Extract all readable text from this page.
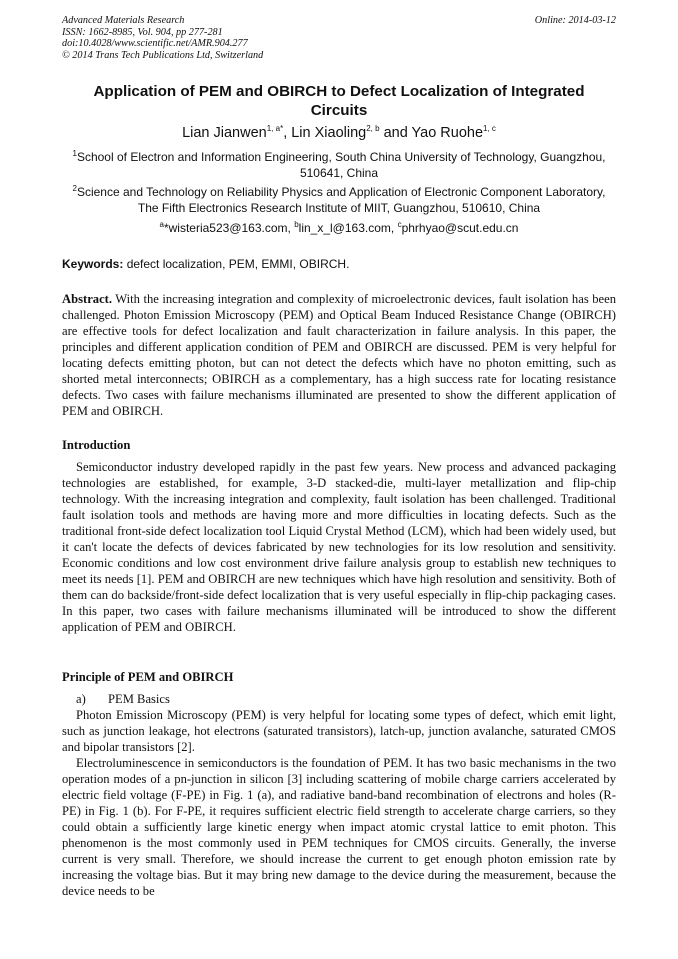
Advanced Materials Research
ISSN: 1662-8985, Vol. 904, pp 277-281
doi:10.4028/www.scientific.net/AMR.904.277
© 2014 Trans Tech Publications Ltd, Switzerland
Online: 2014-03-12
Application of PEM and OBIRCH to Defect Localization of Integrated Circuits
Lian Jianwen$^{1, a*}$, Lin Xiaoling$^{2, b}$ and Yao Ruohe$^{1, c}$
$^1$School of Electron and Information Engineering, South China University of Technology, Guangzhou, 510641, China
$^2$Science and Technology on Reliability Physics and Application of Electronic Component Laboratory, The Fifth Electronics Research Institute of MIIT, Guangzhou, 510610, China
$^a$*wisteria523@163.com, $^b$lin_x_l@163.com, $^c$phrhyao@scut.edu.cn
Keywords: defect localization, PEM, EMMI, OBIRCH.

Abstract. With the increasing integration and complexity of microelectronic devices, fault isolation has been challenged. Photon Emission Microscopy (PEM) and Optical Beam Induced Resistance Change (OBIRCH) are effective tools for defect localization and fault characterization in failure analysis. In this paper, the principles and different application condition of PEM and OBIRCH are discussed. PEM is very helpful for locating defects emitting photon, but can not detect the defects which have no photon emitting, such as shorted metal interconnects; OBIRCH as a complementary, has a high success rate for locating resistance defects. Two cases with failure mechanisms illuminated are presented to show the different application of PEM and OBIRCH.

Introduction

Semiconductor industry developed rapidly in the past few years. New process and advanced packaging technologies are established, for example, 3-D stacked-die, multi-layer metallization and flip-chip technology. With the increasing integration and complexity, fault isolation has been challenged. Traditional fault isolation tools and methods are having more and more difficulties in locating defects. Such as the traditional front-side defect localization tool Liquid Crystal Method (LCM), which had been widely used, but it can't locate the defects of devices fabricated by new technologies for its low resolution and sensitivity. Economic conditions and low cost environment drive failure analysis group to establish new techniques to meet its needs [1]. PEM and OBIRCH are new techniques which have high resolution and sensitivity. Both of them can do backside/front-side defect localization that is very useful especially in flip-chip packaging cases. In this paper, two cases with failure mechanisms illuminated will be introduced to show the different application of PEM and OBIRCH.

Principle of PEM and OBIRCH
a) PEM Basics

Photon Emission Microscopy (PEM) is very helpful for locating some types of defect, which emit light, such as junction leakage, hot electrons (saturated transistors), latch-up, junction avalanche, saturated CMOS and bipolar transistors [2].

Electroluminescence in semiconductors is the foundation of PEM. It has two basic mechanisms in the two operation modes of a pn-junction in silicon [3] including scattering of mobile charge carriers accelerated by electric field voltage (F-PE) in Fig. 1 (a), and radiative band-band recombination of electrons and holes (R-PE) in Fig. 1 (b). For F-PE, it requires sufficient electric field strength to accelerate charge carriers, so they could obtain a sufficiently large kinetic energy when impact atomic crystal lattice to emit photon. This phenomenon is the most commonly used in PEM techniques for CMOS circuits. Generally, the inverse current is very small. Therefore, we should increase the current to get enough photon emission rate by increasing the voltage bias. But it may bring new damage to the device during the measurement, because the device needs to be
